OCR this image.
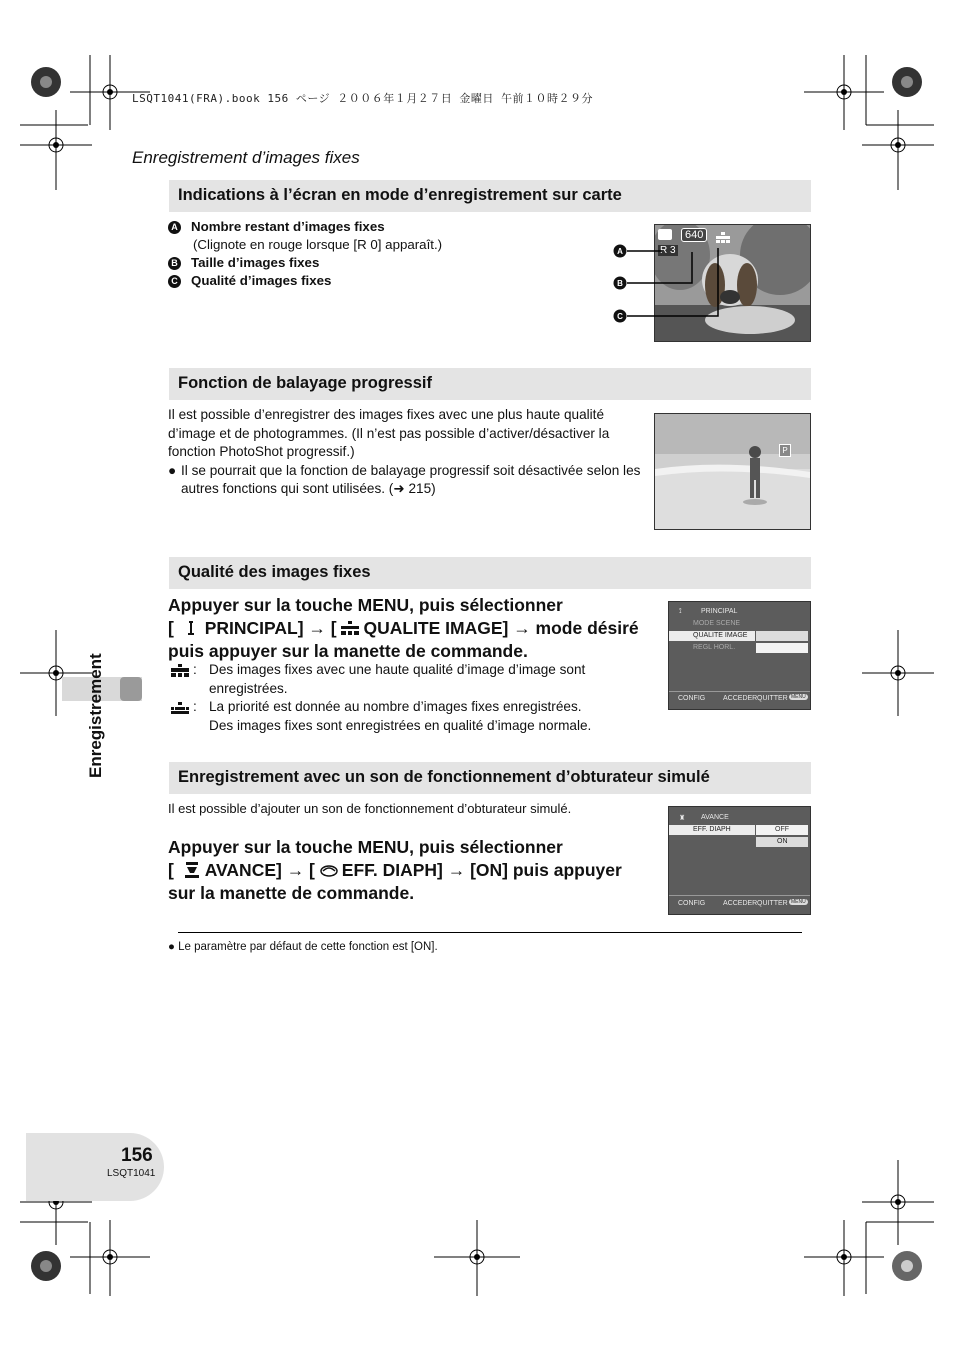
LSQT1041(FRA).book 156 ページ ２００６年１月２７日 金曜日 午前１０時２９分
Enregistrement d’images fixes
Indications à l’écran en mode d’enregistrement sur carte
A Nombre restant d’images fixes
(Clignote en rouge lorsque [R 0] apparaît.)
B Taille d’images fixes
C Qualité d’images fixes
640
R 3
A
B
C
Fonction de balayage progressif
Il est possible d’enregistrer des images fixes avec une plus haute qualité d’image et de photogrammes. (Il n’est pas possible d’activer/désactiver la fonction PhotoShot progressif.)
● Il se pourrait que la fonction de balayage progressif soit désactivée selon les autres fonctions qui sont utilisées. (➜ 215)
P
Qualité des images fixes
Appuyer sur la touche MENU, puis sélectionner
[ PRINCIPAL] → [ QUALITE IMAGE] → mode désiré
puis appuyer sur la manette de commande.
: Des images fixes avec une haute qualité d’image d’image sont enregistrées.
: La priorité est donnée au nombre d’images fixes enregistrées.
Des images fixes sont enregistrées en qualité d’image normale.
⟟	PRINCIPAL
MODE SCENE
QUALITE IMAGE
REGL HORL.
CONFIG	ACCEDER QUITTER MENU
Enregistrement avec un son de fonctionnement d’obturateur simulé
Il est possible d’ajouter un son de fonctionnement d’obturateur simulé.
Appuyer sur la touche MENU, puis sélectionner
[ AVANCE] → [ EFF. DIAPH] → [ON] puis appuyer
sur la manette de commande.
♜ AVANCE
EFF. DIAPH	OFF
ON
CONFIG	ACCEDER QUITTER MENU
● Le paramètre par défaut de cette fonction est [ON].
Enregistrement
156
LSQT1041
